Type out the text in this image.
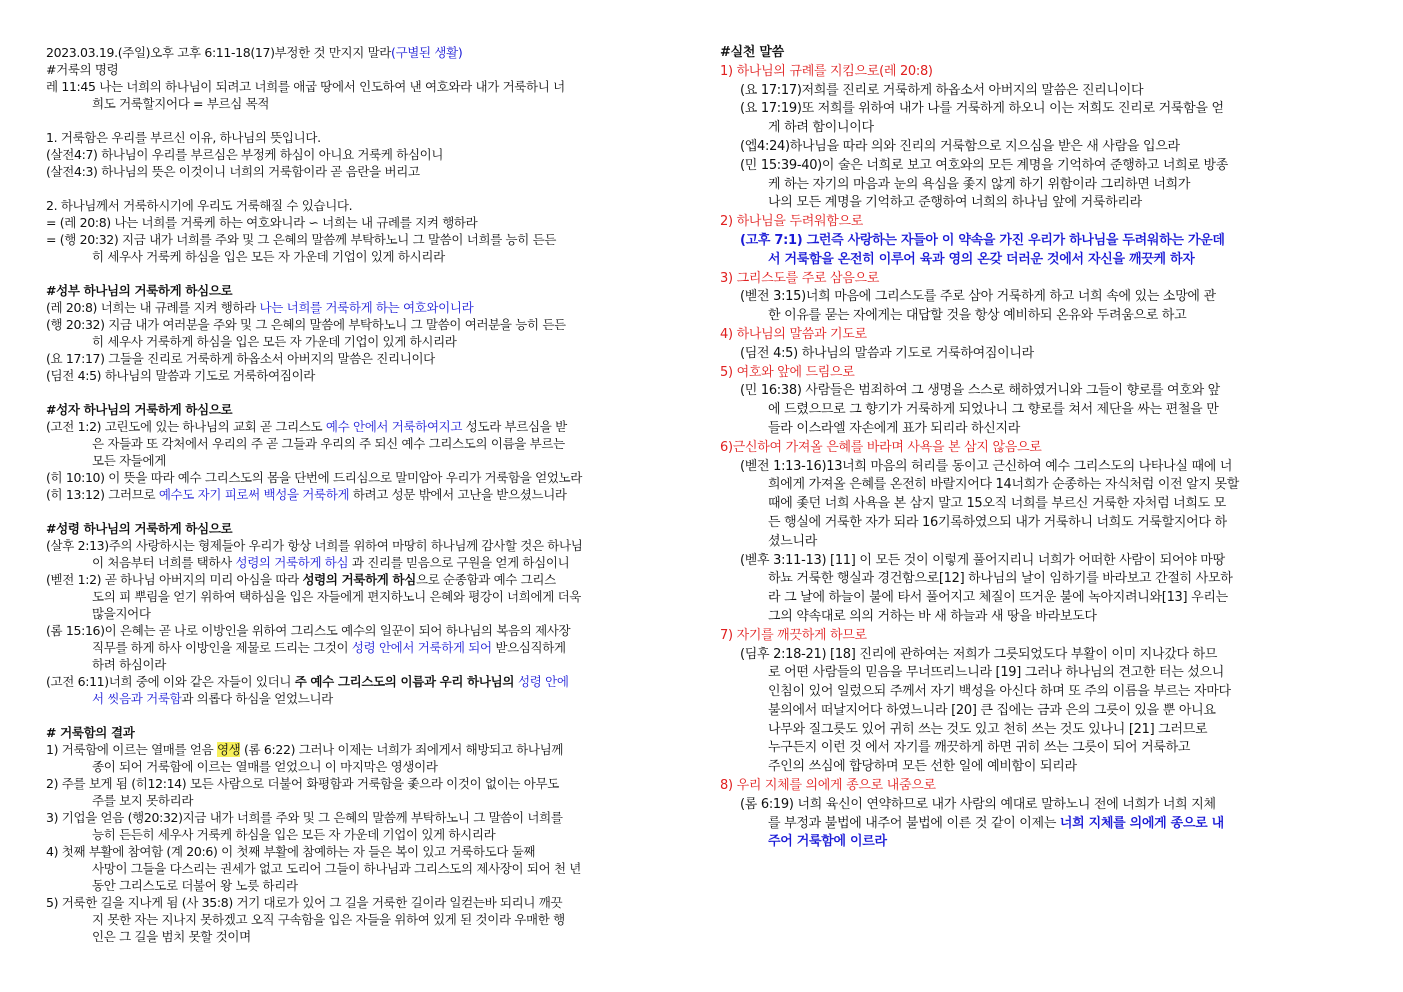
2023.03.19.(주일)오후 고후 6:11-18(17)부정한 것 만지지 말라(구별된 생활)
#거룩의 명령
레 11:45 나는 너희의 하나님이 되려고 너희를 애굽 땅에서 인도하여 낸 여호와라 내가 거룩하니 너
희도 거룩할지어다 = 부르심 목적
1. 거룩함은 우리를 부르신 이유, 하나님의 뜻입니다.
(살전4:7) 하나님이 우리를 부르심은 부정케 하심이 아니요 거룩케 하심이니
(살전4:3) 하나님의 뜻은 이것이니 너희의 거룩함이라 곧 음란을 버리고
2. 하나님께서 거룩하시기에 우리도 거룩해질 수 있습니다.
= (레 20:8) 나는 너희를 거룩케 하는 여호와니라 ∽ 너희는 내 규례를 지켜 행하라
= (행 20:32) 지금 내가 너희를 주와 및 그 은혜의 말씀께 부탁하노니 그 말씀이 너희를 능히 든든
히 세우사 거룩케 하심을 입은 모든 자 가운데 기업이 있게 하시리라
#성부 하나님의 거룩하게 하심으로
(레 20:8) 너희는 내 규례를 지켜 행하라 나는 너희를 거룩하게 하는 여호와이니라
(행 20:32) 지금 내가 여러분을 주와 및 그 은혜의 말씀에 부탁하노니 그 말씀이 여러분을 능히 든든
히 세우사 거룩하게 하심을 입은 모든 자 가운데 기업이 있게 하시리라
(요 17:17) 그들을 진리로 거룩하게 하옵소서 아버지의 말씀은 진리니이다
(딤전 4:5) 하나님의 말씀과 기도로 거룩하여짐이라
#성자 하나님의 거룩하게 하심으로
(고전 1:2) 고린도에 있는 하나님의 교회 곧 그리스도 예수 안에서 거룩하여지고 성도라 부르심을 받
은 자들과 또 각처에서 우리의 주 곧 그들과 우리의 주 되신 예수 그리스도의 이름을 부르는
모든 자들에게
(히 10:10) 이 뜻을 따라 예수 그리스도의 몸을 단번에 드리심으로 말미암아 우리가 거룩함을 얻었노라
(히 13:12) 그러므로 예수도 자기 피로써 백성을 거룩하게 하려고 성문 밖에서 고난을 받으셨느니라
#성령 하나님의 거룩하게 하심으로
(살후 2:13)주의 사랑하시는 형제들아 우리가 항상 너희를 위하여 마땅히 하나님께 감사할 것은 하나님
이 처음부터 너희를 택하사 성령의 거룩하게 하심 과 진리를 믿음으로 구원을 얻게 하심이니
(벧전 1:2) 곧 하나님 아버지의 미리 아심을 따라 성령의 거룩하게 하심으로 순종함과 예수 그리스
도의 피 뿌림을 얻기 위하여 택하심을 입은 자들에게 편지하노니 은혜와 평강이 너희에게 더욱
많을지어다
(롬 15:16)이 은혜는 곧 나로 이방인을 위하여 그리스도 예수의 일꾼이 되어 하나님의 복음의 제사장
직무를 하게 하사 이방인을 제물로 드리는 그것이 성령 안에서 거룩하게 되어 받으심직하게
하려 하심이라
(고전 6:11)너희 중에 이와 같은 자들이 있더니 주 예수 그리스도의 이름과 우리 하나님의 성령 안에
서 씻음과 거룩함과 의롭다 하심을 얻었느니라
# 거룩함의 결과
1) 거룩함에 이르는 열매를 얻음 영생 (롬 6:22) 그러나 이제는 너희가 죄에게서 해방되고 하나님께
종이 되어 거룩함에 이르는 열매를 얻었으니 이 마지막은 영생이라
2) 주를 보게 됨 (히12:14) 모든 사람으로 더불어 화평함과 거룩함을 좇으라 이것이 없이는 아무도
주를 보지 못하리라
3) 기업을 얻음 (행20:32)지금 내가 너희를 주와 및 그 은혜의 말씀께 부탁하노니 그 말씀이 너희를
능히 든든히 세우사 거룩케 하심을 입은 모든 자 가운데 기업이 있게 하시리라
4) 첫째 부활에 참여함 (계 20:6) 이 첫째 부활에 참예하는 자 들은 복이 있고 거룩하도다 둘째
사망이 그들을 다스리는 권세가 없고 도리어 그들이 하나님과 그리스도의 제사장이 되어 천 년
동안 그리스도로 더불어 왕 노릇 하리라
5) 거룩한 길을 지나게 됨 (사 35:8) 거기 대로가 있어 그 길을 거룩한 길이라 일컫는바 되리니 깨끗
지 못한 자는 지나지 못하겠고 오직 구속함을 입은 자들을 위하여 있게 된 것이라 우매한 행
인은 그 길을 범치 못할 것이며
#실천 말씀
1) 하나님의 규례를 지킴으로(레 20:8)
(요 17:17)저희를 진리로 거룩하게 하옵소서 아버지의 말씀은 진리니이다
(요 17:19)또 저희를 위하여 내가 나를 거룩하게 하오니 이는 저희도 진리로 거룩함을 얻
게 하려 함이니이다
(엡4:24)하나님을 따라 의와 진리의 거룩함으로 지으심을 받은 새 사람을 입으라
(민 15:39-40)이 술은 너희로 보고 여호와의 모든 계명을 기억하여 준행하고 너희로 방종
케 하는 자기의 마음과 눈의 욕심을 좇지 않게 하기 위함이라 그리하면 너희가
나의 모든 계명을 기억하고 준행하여 너희의 하나님 앞에 거룩하리라
2) 하나님을 두려워함으로
(고후 7:1) 그런즉 사랑하는 자들아 이 약속을 가진 우리가 하나님을 두려워하는 가운데
서 거룩함을 온전히 이루어 육과 영의 온갖 더러운 것에서 자신을 깨끗케 하자
3) 그리스도를 주로 삼음으로
(벧전 3:15)너희 마음에 그리스도를 주로 삼아 거룩하게 하고 너희 속에 있는 소망에 관
한 이유를 묻는 자에게는 대답할 것을 항상 예비하되 온유와 두려움으로 하고
4) 하나님의 말씀과 기도로
(딤전 4:5) 하나님의 말씀과 기도로 거룩하여짐이니라
5) 여호와 앞에 드림으로
(민 16:38) 사람들은 범죄하여 그 생명을 스스로 해하였거니와 그들이 향로를 여호와 앞
에 드렸으므로 그 향기가 거룩하게 되었나니 그 향로를 쳐서 제단을 싸는 편철을 만
들라 이스라엘 자손에게 표가 되리라 하신지라
6)근신하여 가져올 은혜를 바라며 사욕을 본 삼지 않음으로
(벧전 1:13-16)13너희 마음의 허리를 동이고 근신하여 예수 그리스도의 나타나실 때에 너
희에게 가져올 은혜를 온전히 바랄지어다 14너희가 순종하는 자식처럼 이전 알지 못할
때에 좇던 너희 사욕을 본 삼지 말고 15오직 너희를 부르신 거룩한 자처럼 너희도 모
든 행실에 거룩한 자가 되라 16기록하였으되 내가 거룩하니 너희도 거룩할지어다 하
셨느니라
(벧후 3:11-13) [11] 이 모든 것이 이렇게 풀어지리니 너희가 어떠한 사람이 되어야 마땅
하뇨 거룩한 행실과 경건함으로[12] 하나님의 날이 임하기를 바라보고 간절히 사모하
라 그 날에 하늘이 불에 타서 풀어지고 체질이 뜨거운 불에 녹아지려니와[13] 우리는
그의 약속대로 의의 거하는 바 새 하늘과 새 땅을 바라보도다
7) 자기를 깨끗하게 하므로
(딤후 2:18-21) [18] 진리에 관하여는 저희가 그릇되었도다 부활이 이미 지나갔다 하므
로 어떤 사람들의 믿음을 무너뜨리느니라 [19] 그러나 하나님의 견고한 터는 섰으니
인침이 있어 일렀으되 주께서 자기 백성을 아신다 하며 또 주의 이름을 부르는 자마다
불의에서 떠날지어다 하였느니라 [20] 큰 집에는 금과 은의 그릇이 있을 뿐 아니요
나무와 질그릇도 있어 귀히 쓰는 것도 있고 천히 쓰는 것도 있나니 [21] 그러므로
누구든지 이런 것 에서 자기를 깨끗하게 하면 귀히 쓰는 그릇이 되어 거룩하고
주인의 쓰심에 합당하며 모든 선한 일에 예비함이 되리라
8) 우리 지체를 의에게 종으로 내줌으로
(롬 6:19) 너희 육신이 연약하므로 내가 사람의 예대로 말하노니 전에 너희가 너희 지체
를 부정과 불법에 내주어 불법에 이른 것 같이 이제는 너희 지체를 의에게 종으로 내
주어 거룩함에 이르라
